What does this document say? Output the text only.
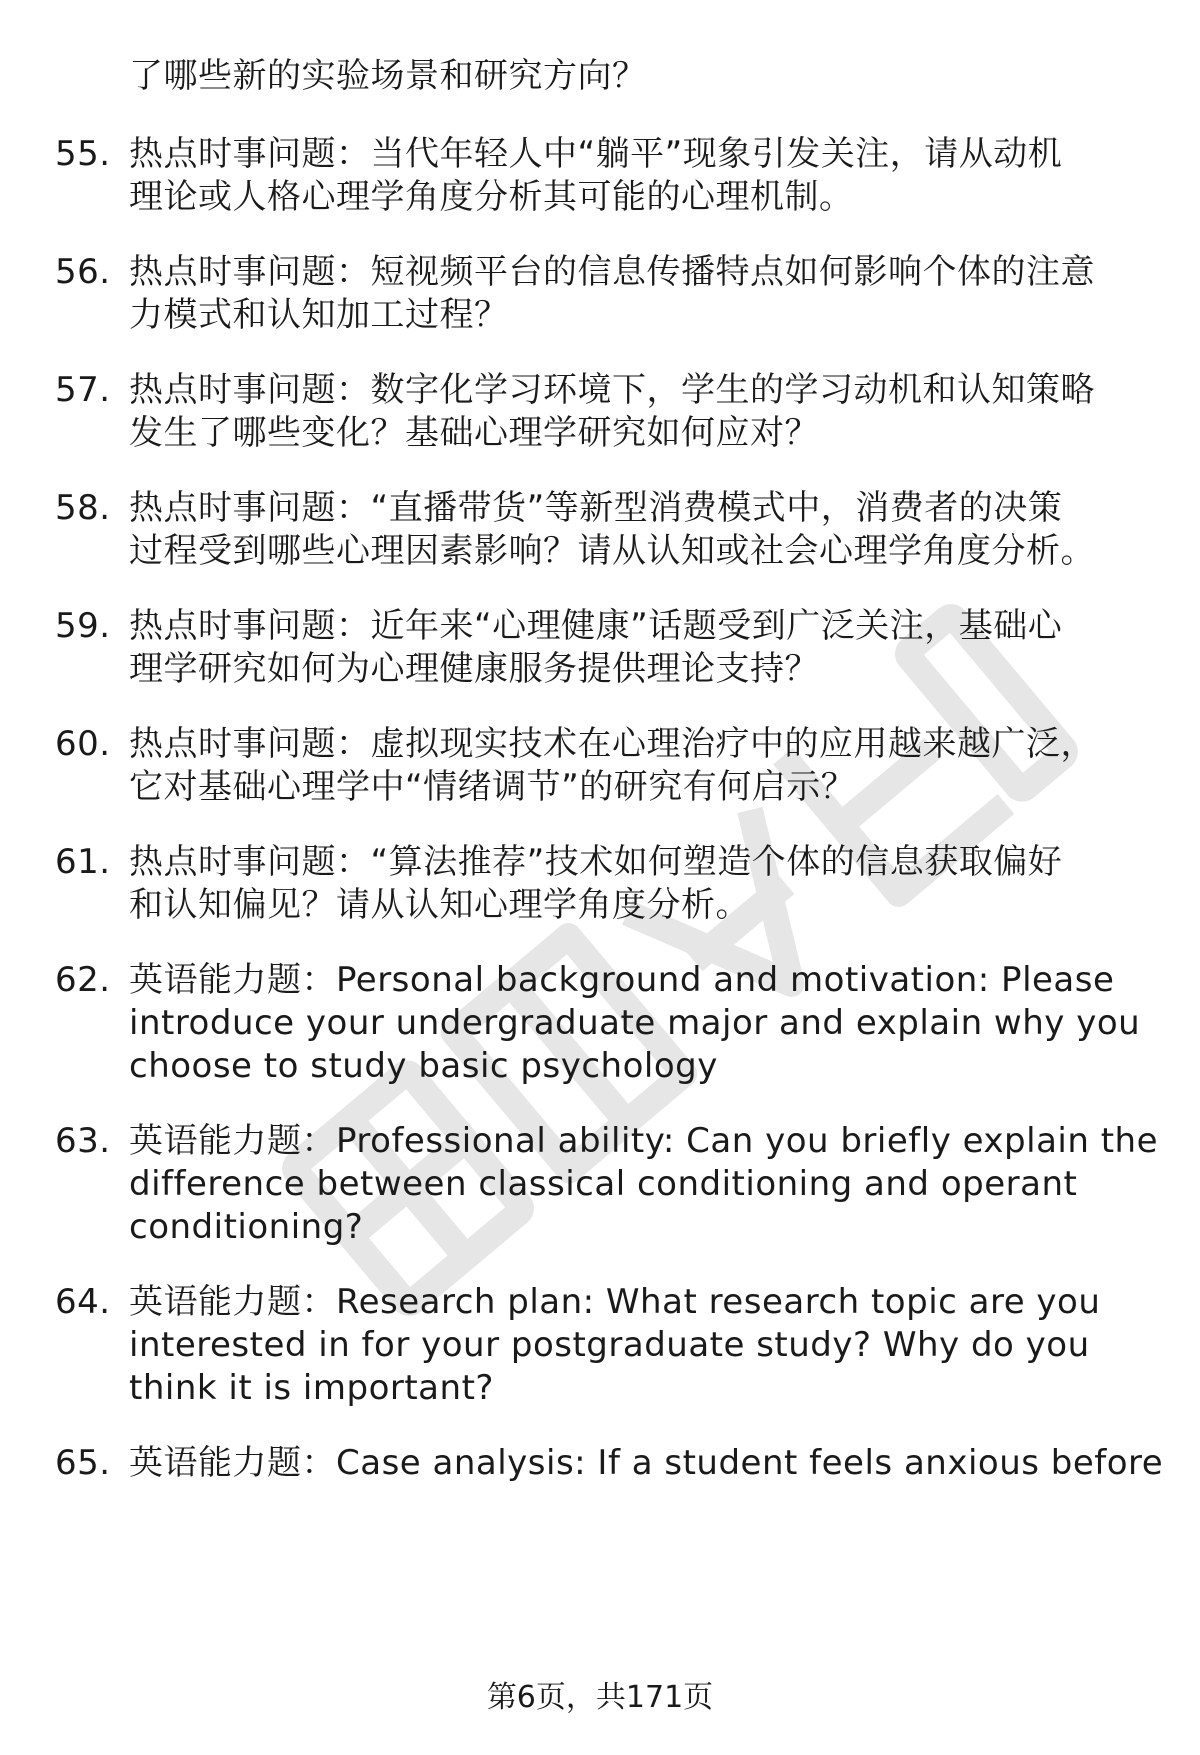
了哪些新的实验场景和研究方向？
55. 热点时事问题：当代年轻人中“躺平”现象引发关注，请从动机
理论或人格心理学角度分析其可能的心理机制。
56. 热点时事问题：短视频平台的信息传播特点如何影响个体的注意
力模式和认知加工过程？
57. 热点时事问题：数字化学习环境下，学生的学习动机和认知策略
发生了哪些变化？基础心理学研究如何应对？
58. 热点时事问题：“直播带货”等新型消费模式中，消费者的决策
过程受到哪些心理因素影响？请从认知或社会心理学角度分析。
59. 热点时事问题：近年来“心理健康”话题受到广泛关注，基础心
理学研究如何为心理健康服务提供理论支持？
60. 热点时事问题：虚拟现实技术在心理治疗中的应用越来越广泛，
它对基础心理学中“情绪调节”的研究有何启示？
61. 热点时事问题：“算法推荐”技术如何塑造个体的信息获取偏好
和认知偏见？请从认知心理学角度分析。
62. 英语能力题：Personal background and motivation: Please
introduce your undergraduate major and explain why you
choose to study basic psychology
63. 英语能力题：Professional ability: Can you briefly explain the
difference between classical conditioning and operant
conditioning?
64. 英语能力题：Research plan: What research topic are you
interested in for your postgraduate study? Why do you
think it is important?
65. 英语能力题：Case analysis: If a student feels anxious before
第6页，共171页
